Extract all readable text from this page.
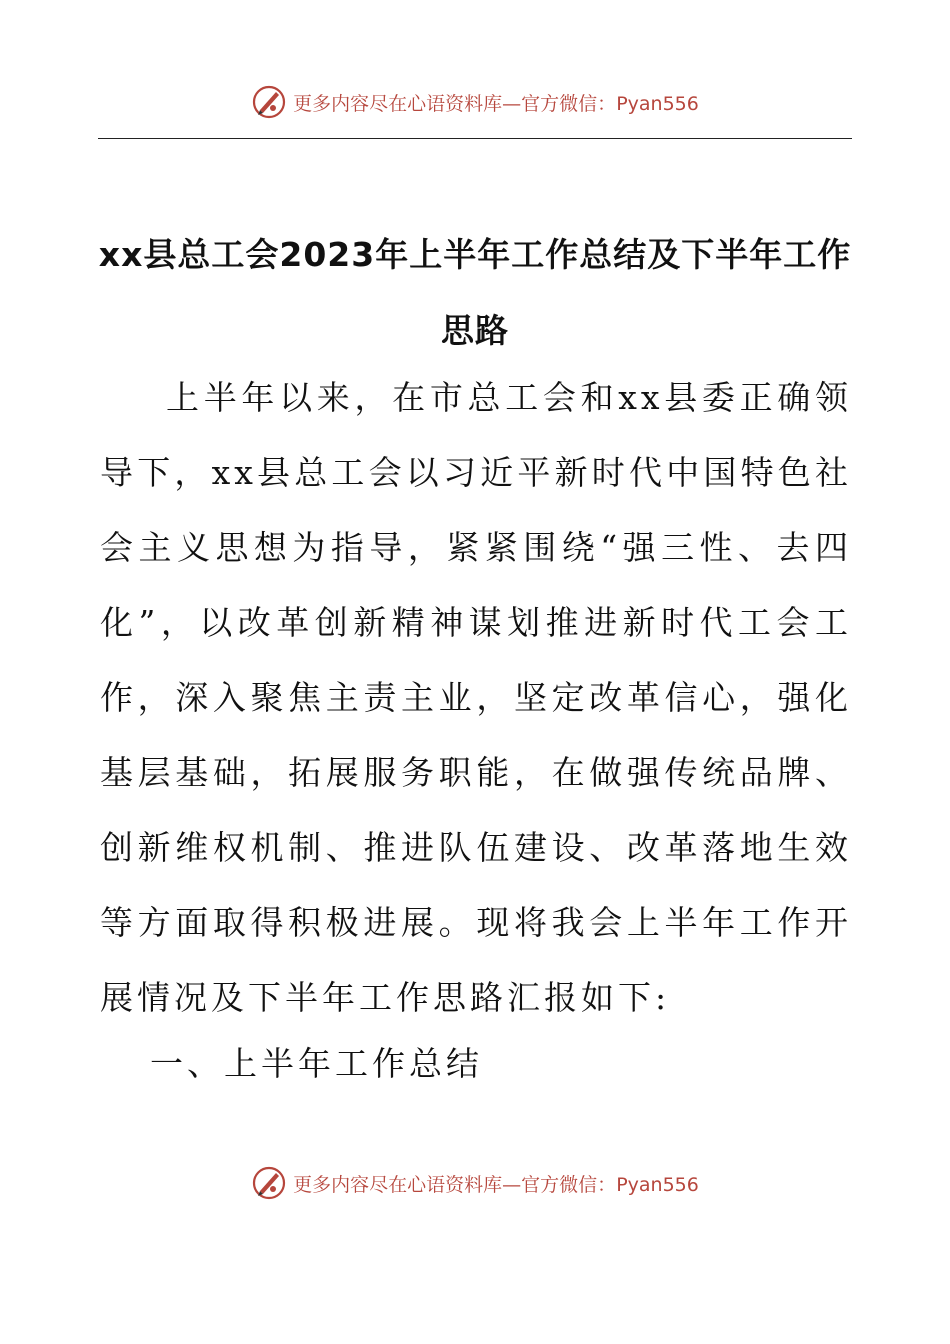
更多内容尽在心语资料库—官方微信：Pyan556
xx县总工会2023年上半年工作总结及下半年工作思路

上半年以来，在市总工会和xx县委正确领导下，xx县总工会以习近平新时代中国特色社会主义思想为指导，紧紧围绕“强三性、去四化”，以改革创新精神谋划推进新时代工会工作，深入聚焦主责主业，坚定改革信心，强化基层基础，拓展服务职能，在做强传统品牌、创新维权机制、推进队伍建设、改革落地生效等方面取得积极进展。现将我会上半年工作开展情况及下半年工作思路汇报如下:

一、上半年工作总结

更多内容尽在心语资料库—官方微信：Pyan556
